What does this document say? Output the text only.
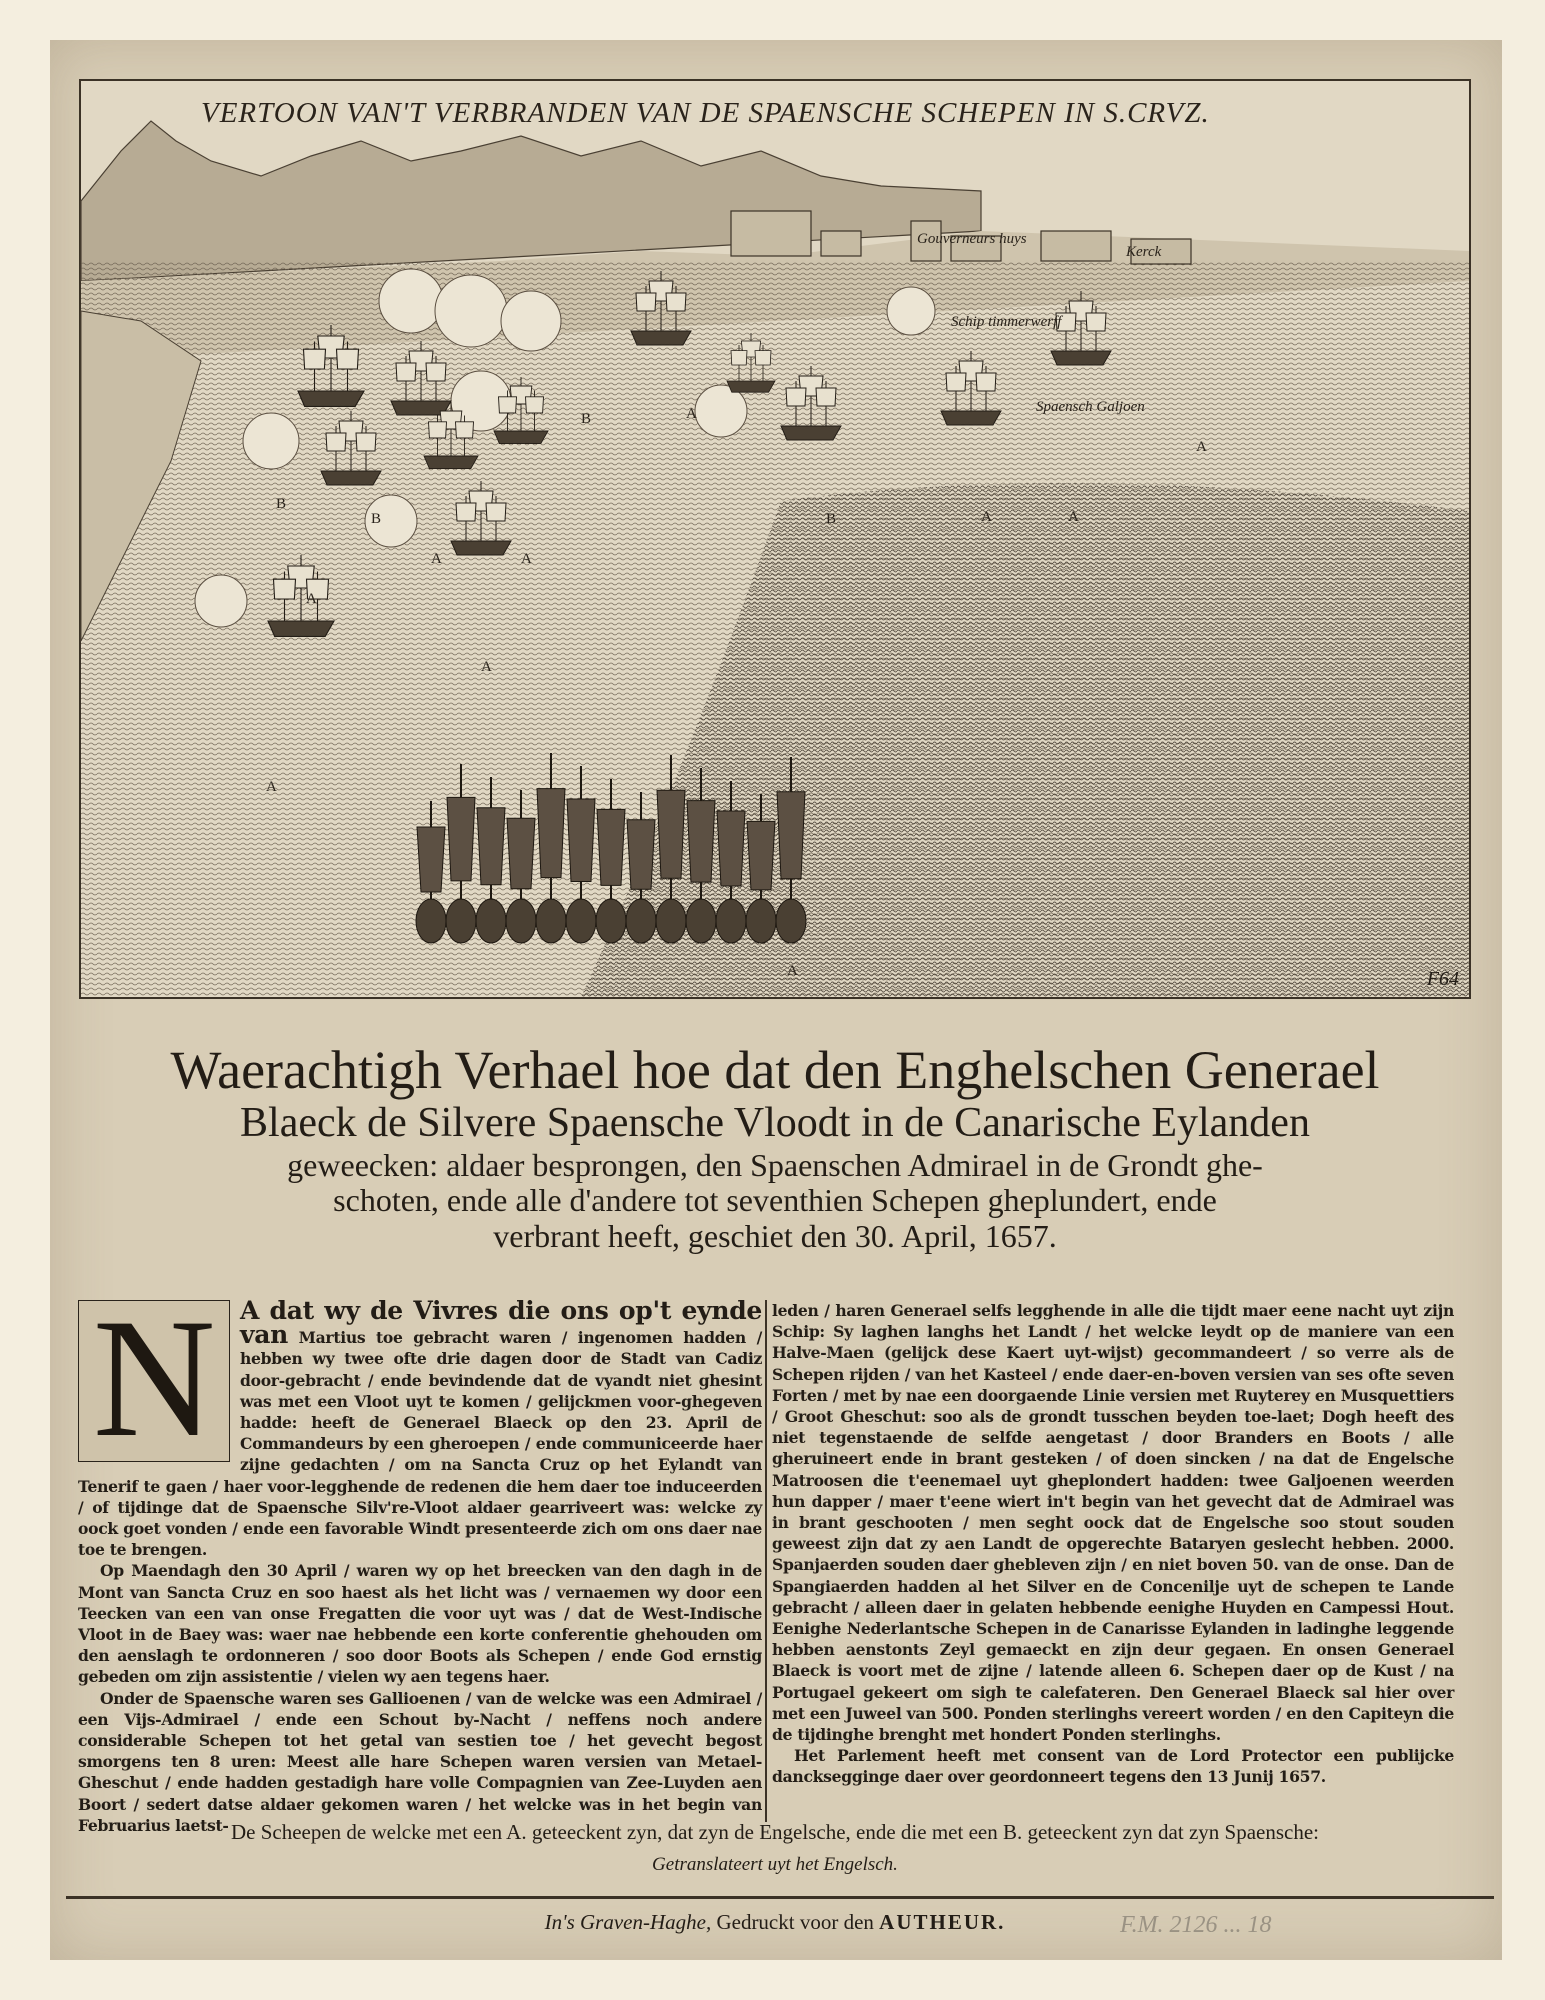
VERTOON VAN'T VERBRANDEN VAN DE SPAENSCHE SCHEPEN IN S.CRVZ.
Gouverneurs huys
Kerck
Schip timmerwerff
Spaensch Galjoen
A
B
A
A	A
B
B
B
A	A
A
A
A
A	F64
Waerachtigh Verhael hoe dat den Enghelschen Generael
Blaeck de Silvere Spaensche Vloodt in de Canarische Eylanden
geweecken: aldaer besprongen, den Spaenschen Admirael in de Grondt ghe-
schoten, ende alle d'andere tot seventhien Schepen gheplundert, ende
verbrant heeft, geschiet den 30. April, 1657.
N A dat wy de Vivres die ons op't eynde van Martius toe gebracht waren / ingenomen hadden / hebben wy twee ofte drie dagen door de Stadt van Cadiz door-gebracht / ende bevindende dat de vyandt niet ghesint was met een Vloot uyt te komen / gelijckmen voor-ghegeven hadde: heeft de Generael Blaeck op den 23. April de Commandeurs by een gheroepen / ende communiceerde haer zijne gedachten / om na Sancta Cruz op het Eylandt van Tenerif te gaen / haer voor-legghende de redenen die hem daer toe induceerden / of tijdinge dat de Spaensche Silv're-Vloot aldaer gearriveert was: welcke zy oock goet vonden / ende een favorable Windt presenteerde zich om ons daer nae toe te brengen.

Op Maendagh den 30 April / waren wy op het breecken van den dagh in de Mont van Sancta Cruz en soo haest als het licht was / vernaemen wy door een Teecken van een van onse Fregatten die voor uyt was / dat de West-Indische Vloot in de Baey was: waer nae hebbende een korte conferentie ghehouden om den aenslagh te ordonneren / soo door Boots als Schepen / ende God ernstig gebeden om zijn assistentie / vielen wy aen tegens haer.

Onder de Spaensche waren ses Gallioenen / van de welcke was een Admirael / een Vijs-Admirael / ende een Schout by-Nacht / neffens noch andere considerable Schepen tot het getal van sestien toe / het gevecht begost smorgens ten 8 uren: Meest alle hare Schepen waren versien van Metael-Gheschut / ende hadden gestadigh hare volle Compagnien van Zee-Luyden aen Boort / sedert datse aldaer gekomen waren / het welcke was in het begin van Februarius laetst-

leden / haren Generael selfs legghende in alle die tijdt maer eene nacht uyt zijn Schip: Sy laghen langhs het Landt / het welcke leydt op de maniere van een Halve-Maen (gelijck dese Kaert uyt-wijst) gecommandeert / so verre als de Schepen rijden / van het Kasteel / ende daer-en-boven versien van ses ofte seven Forten / met by nae een doorgaende Linie versien met Ruyterey en Musquettiers / Groot Gheschut: soo als de grondt tusschen beyden toe-laet; Dogh heeft des niet tegenstaende de selfde aengetast / door Branders en Boots / alle gheruineert ende in brant gesteken / of doen sincken / na dat de Engelsche Matroosen die t'eenemael uyt gheplondert hadden: twee Galjoenen weerden hun dapper / maer t'eene wiert in't begin van het gevecht dat de Admirael was in brant geschooten / men seght oock dat de Engelsche soo stout souden geweest zijn dat zy aen Landt de opgerechte Bataryen geslecht hebben. 2000. Spanjaerden souden daer ghebleven zijn / en niet boven 50. van de onse. Dan de Spangiaerden hadden al het Silver en de Concenilje uyt de schepen te Lande gebracht / alleen daer in gelaten hebbende eenighe Huyden en Campessi Hout. Eenighe Nederlantsche Schepen in de Canarisse Eylanden in ladinghe leggende hebben aenstonts Zeyl gemaeckt en zijn deur gegaen. En onsen Generael Blaeck is voort met de zijne / latende alleen 6. Schepen daer op de Kust / na Portugael gekeert om sigh te calefateren. Den Generael Blaeck sal hier over met een Juweel van 500. Ponden sterlinghs vereert worden / en den Capiteyn die de tijdinghe brenght met hondert Ponden sterlinghs.

Het Parlement heeft met consent van de Lord Protector een publijcke dancksegginge daer over geordonneert tegens den 13 Junij 1657.

De Scheepen de welcke met een A. geteeckent zyn, dat zyn de Engelsche, ende die met een B. geteeckent zyn dat zyn Spaensche:
Getranslateert uyt het Engelsch.
In's Graven-Haghe, Gedruckt voor den AUTHEUR.	F.M. 2126 ... 18
